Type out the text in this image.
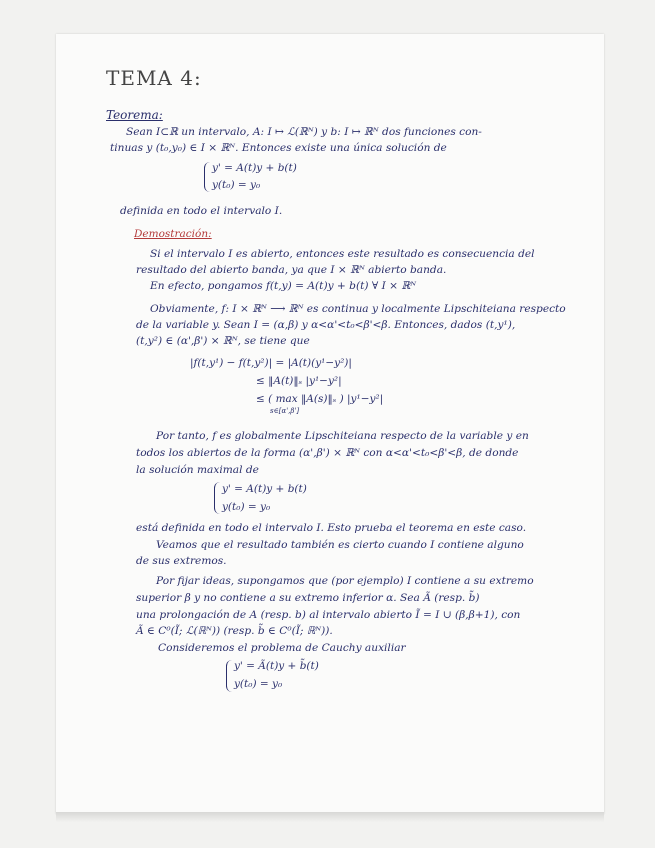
TEMA 4:
Teorema:
Sean I⊂ℝ un intervalo, A: I ↦ ℒ(ℝᴺ) y b: I ↦ ℝᴺ dos funciones con-
tinuas y (t₀,y₀) ∈ I × ℝᴺ. Entonces existe una única solución de
y' = A(t)y + b(t)
y(t₀) = y₀
definida en todo el intervalo I.
Demostración:
Si el intervalo I es abierto, entonces este resultado es consecuencia del
resultado del abierto banda, ya que I × ℝᴺ abierto banda.
En efecto, pongamos f(t,y) = A(t)y + b(t) ∀ I × ℝᴺ
Obviamente, f: I × ℝᴺ ⟶ ℝᴺ es continua y localmente Lipschiteiana respecto
de la variable y. Sean I = (α,β) y α<α'<t₀<β'<β. Entonces, dados (t,y¹),
(t,y²) ∈ (α',β') × ℝᴺ, se tiene que
|f(t,y¹) − f(t,y²)| = |A(t)(y¹−y²)|
≤ ‖A(t)‖ₛ |y¹−y²|
≤ ( max ‖A(s)‖ₛ ) |y¹−y²|
s∈[α',β']
Por tanto, f es globalmente Lipschiteiana respecto de la variable y en
todos los abiertos de la forma (α',β') × ℝᴺ con α<α'<t₀<β'<β, de donde
la solución maximal de
y' = A(t)y + b(t)
y(t₀) = y₀
está definida en todo el intervalo I. Esto prueba el teorema en este caso.
Veamos que el resultado también es cierto cuando I contiene alguno
de sus extremos.
Por fijar ideas, supongamos que (por ejemplo) I contiene a su extremo
superior β y no contiene a su extremo inferior α. Sea Ã (resp. b̃)
una prolongación de A (resp. b) al intervalo abierto Ĩ = I ∪ (β,β+1), con
Ã ∈ C⁰(Ĩ; ℒ(ℝᴺ)) (resp. b̃ ∈ C⁰(Ĩ; ℝᴺ)).
Consideremos el problema de Cauchy auxiliar
y' = Ã(t)y + b̃(t)
y(t₀) = y₀
